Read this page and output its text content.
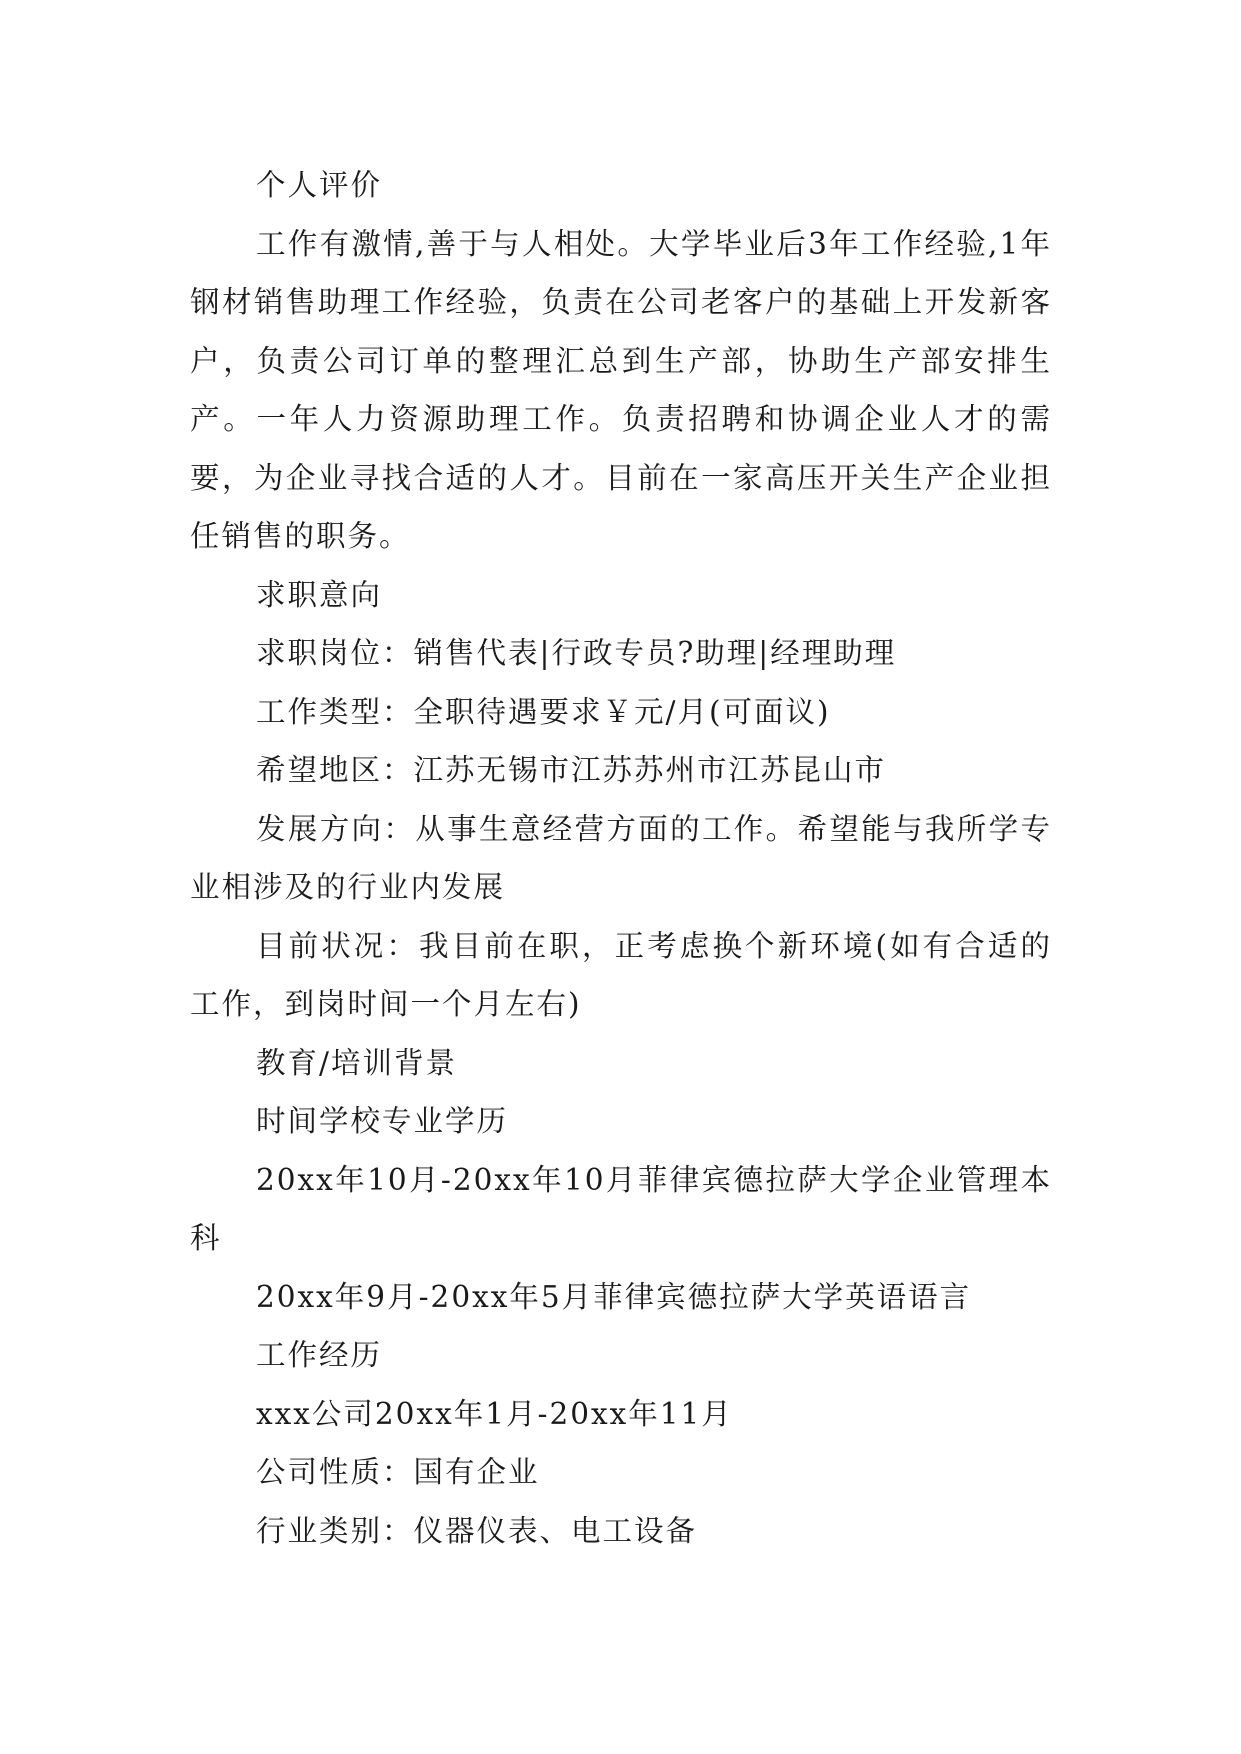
个人评价

工作有激情,善于与人相处。大学毕业后3年工作经验,1年钢材销售助理工作经验，负责在公司老客户的基础上开发新客户，负责公司订单的整理汇总到生产部，协助生产部安排生产。一年人力资源助理工作。负责招聘和协调企业人才的需要，为企业寻找合适的人才。目前在一家高压开关生产企业担任销售的职务。

求职意向

求职岗位：销售代表|行政专员?助理|经理助理

工作类型：全职待遇要求￥元/月(可面议)

希望地区：江苏无锡市江苏苏州市江苏昆山市

发展方向：从事生意经营方面的工作。希望能与我所学专业相涉及的行业内发展

目前状况：我目前在职，正考虑换个新环境(如有合适的工作，到岗时间一个月左右)

教育/培训背景

时间学校专业学历

20xx年10月-20xx年10月菲律宾德拉萨大学企业管理本科

20xx年9月-20xx年5月菲律宾德拉萨大学英语语言

工作经历

xxx公司20xx年1月-20xx年11月

公司性质：国有企业

行业类别：仪器仪表、电工设备
